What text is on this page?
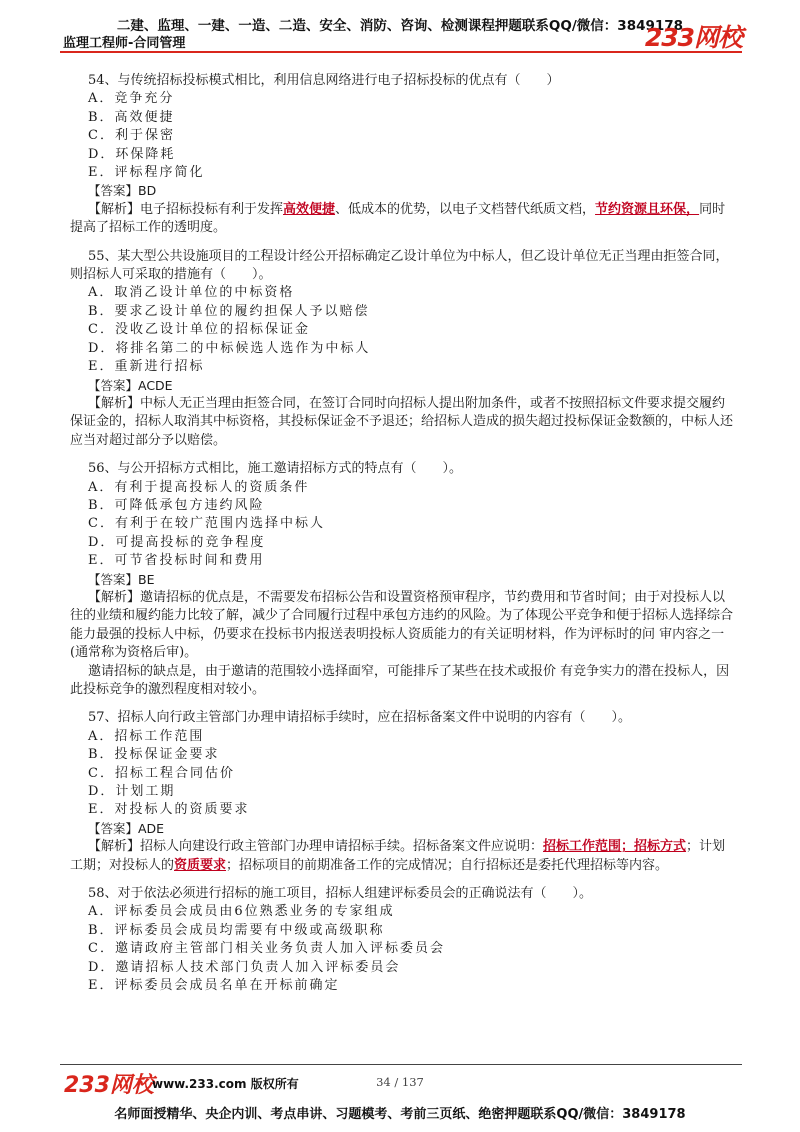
二建、监理、一建、一造、二造、安全、消防、咨询、检测课程押题联系QQ/微信：3849178
监理工程师-合同管理	233网校

54、与传统招标投标模式相比，利用信息网络进行电子招标投标的优点有（　　）

A．竞争充分

B．高效便捷

C．利于保密

D．环保降耗

E．评标程序简化

【答案】BD

【解析】电子招标投标有利于发挥高效便捷、低成本的优势，以电子文档替代纸质文档，节约资源且环保，同时提高了招标工作的透明度。

55、某大型公共设施项目的工程设计经公开招标确定乙设计单位为中标人，但乙设计单位无正当理由拒签合同，则招标人可采取的措施有（　　）。

A．取消乙设计单位的中标资格

B．要求乙设计单位的履约担保人予以赔偿

C．没收乙设计单位的招标保证金

D．将排名第二的中标候选人选作为中标人

E．重新进行招标

【答案】ACDE

【解析】中标人无正当理由拒签合同，在签订合同时向招标人提出附加条件，或者不按照招标文件要求提交履约保证金的，招标人取消其中标资格，其投标保证金不予退还；给招标人造成的损失超过投标保证金数额的，中标人还应当对超过部分予以赔偿。

56、与公开招标方式相比，施工邀请招标方式的特点有（　　）。

A．有利于提高投标人的资质条件

B．可降低承包方违约风险

C．有利于在较广范围内选择中标人

D．可提高投标的竞争程度

E．可节省投标时间和费用

【答案】BE

【解析】邀请招标的优点是，不需要发布招标公告和设置资格预审程序，节约费用和节省时间；由于对投标人以往的业绩和履约能力比较了解，减少了合同履行过程中承包方违约的风险。为了体现公平竞争和便于招标人选择综合能力最强的投标人中标，仍要求在投标书内报送表明投标人资质能力的有关证明材料，作为评标时的问 审内容之一(通常称为资格后审)。

邀请招标的缺点是，由于邀请的范围较小选择面窄，可能排斥了某些在技术或报价 有竞争实力的潜在投标人，因此投标竞争的激烈程度相对较小。

57、招标人向行政主管部门办理申请招标手续时，应在招标备案文件中说明的内容有（　　）。

A．招标工作范围

B．投标保证金要求

C．招标工程合同估价

D．计划工期

E．对投标人的资质要求

【答案】ADE

【解析】招标人向建设行政主管部门办理申请招标手续。招标备案文件应说明：招标工作范围；招标方式；计划工期；对投标人的资质要求；招标项目的前期准备工作的完成情况；自行招标还是委托代理招标等内容。

58、对于依法必须进行招标的施工项目，招标人组建评标委员会的正确说法有（　　）。

A．评标委员会成员由6位熟悉业务的专家组成

B．评标委员会成员均需要有中级或高级职称

C．邀请政府主管部门相关业务负责人加入评标委员会

D．邀请招标人技术部门负责人加入评标委员会

E．评标委员会成员名单在开标前确定

233网校
www.233.com 版权所有	34 / 137
名师面授精华、央企内训、考点串讲、习题模考、考前三页纸、绝密押题联系QQ/微信：3849178
